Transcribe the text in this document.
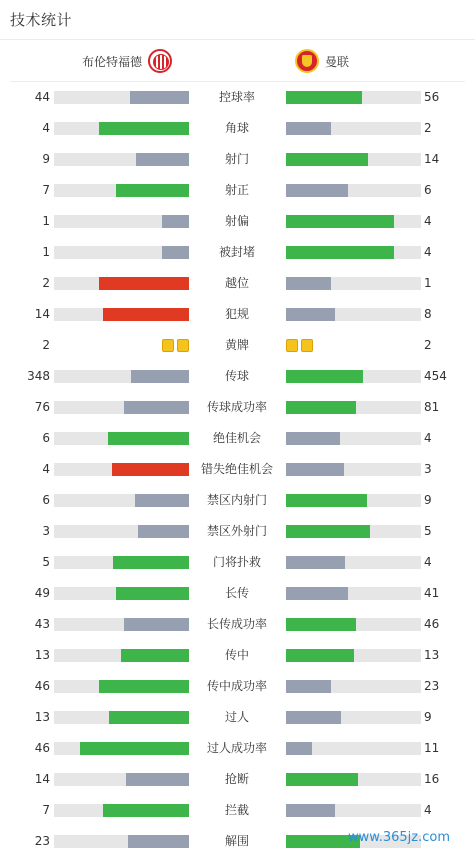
技术统计
布伦特福德	曼联
44	控球率	56
4	角球	2
9	射门	14
7	射正	6
1	射偏	4
1	被封堵	4
2	越位	1
14	犯规	8
2	黄牌	2
348	传球	454
76	传球成功率	81
6	绝佳机会	4
4	错失绝佳机会	3
6	禁区内射门	9
3	禁区外射门	5
5	门将扑救	4
49	长传	41
43	长传成功率	46
13	传中	13
46	传中成功率	23
13	过人	9
46	过人成功率	11
14	抢断	16
7	拦截	4
23	解围	www.365jz.com
